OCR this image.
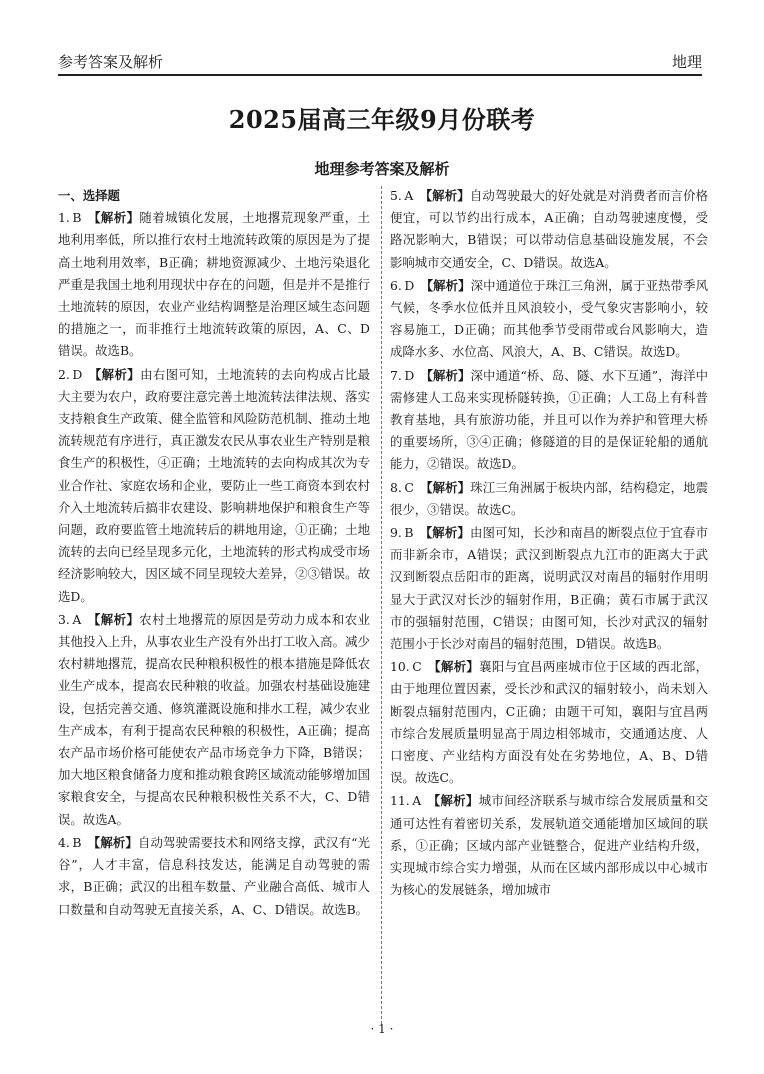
参考答案及解析	地理
2025届高三年级9月份联考
地理参考答案及解析

一、选择题

1.  B  【解析】随着城镇化发展，土地撂荒现象严重，土地利用率低，所以推行农村土地流转政策的原因是为了提高土地利用效率，B正确；耕地资源减少、土地污染退化严重是我国土地利用现状中存在的问题，但是并不是推行土地流转的原因，农业产业结构调整是治理区域生态问题的措施之一，而非推行土地流转政策的原因，A、C、D错误。故选B。

2.  D  【解析】由右图可知，土地流转的去向构成占比最大主要为农户，政府要注意完善土地流转法律法规、落实支持粮食生产政策、健全监管和风险防范机制、推动土地流转规范有序进行，真正激发农民从事农业生产特别是粮食生产的积极性，④正确；土地流转的去向构成其次为专业合作社、家庭农场和企业，要防止一些工商资本到农村介入土地流转后搞非农建设、影响耕地保护和粮食生产等问题，政府要监管土地流转后的耕地用途，①正确；土地流转的去向已经呈现多元化，土地流转的形式构成受市场经济影响较大，因区域不同呈现较大差异，②③错误。故选D。

3.  A  【解析】农村土地撂荒的原因是劳动力成本和农业其他投入上升，从事农业生产没有外出打工收入高。减少农村耕地撂荒，提高农民种粮积极性的根本措施是降低农业生产成本，提高农民种粮的收益。加强农村基础设施建设，包括完善交通、修筑灌溉设施和排水工程，减少农业生产成本，有利于提高农民种粮的积极性，A正确；提高农产品市场价格可能使农产品市场竞争力下降，B错误；加大地区粮食储备力度和推动粮食跨区域流动能够增加国家粮食安全，与提高农民种粮积极性关系不大，C、D错误。故选A。

4.  B  【解析】自动驾驶需要技术和网络支撑，武汉有“光谷”，人才丰富，信息科技发达，能满足自动驾驶的需求，B正确；武汉的出租车数量、产业融合高低、城市人口数量和自动驾驶无直接关系，A、C、D错误。故选B。

5.  A  【解析】自动驾驶最大的好处就是对消费者而言价格便宜，可以节约出行成本，A正确；自动驾驶速度慢，受路况影响大，B错误；可以带动信息基础设施发展，不会影响城市交通安全，C、D错误。故选A。

6.  D  【解析】深中通道位于珠江三角洲，属于亚热带季风气候，冬季水位低并且风浪较小，受气象灾害影响小，较容易施工，D正确；而其他季节受雨带或台风影响大，造成降水多、水位高、风浪大，A、B、C错误。故选D。

7.  D  【解析】深中通道“桥、岛、隧、水下互通”，海洋中需修建人工岛来实现桥隧转换，①正确；人工岛上有科普教育基地，具有旅游功能，并且可以作为养护和管理大桥的重要场所，③④正确；修隧道的目的是保证轮船的通航能力，②错误。故选D。

8.  C  【解析】珠江三角洲属于板块内部，结构稳定，地震很少，③错误。故选C。

9.  B  【解析】由图可知，长沙和南昌的断裂点位于宜春市而非新余市，A错误；武汉到断裂点九江市的距离大于武汉到断裂点岳阳市的距离，说明武汉对南昌的辐射作用明显大于武汉对长沙的辐射作用，B正确；黄石市属于武汉市的强辐射范围，C错误；由图可知，长沙对武汉的辐射范围小于长沙对南昌的辐射范围，D错误。故选B。

10.  C  【解析】襄阳与宜昌两座城市位于区域的西北部，由于地理位置因素，受长沙和武汉的辐射较小，尚未划入断裂点辐射范围内，C正确；由题干可知，襄阳与宜昌两市综合发展质量明显高于周边相邻城市，交通通达度、人口密度、产业结构方面没有处在劣势地位，A、B、D错误。故选C。

11.  A  【解析】城市间经济联系与城市综合发展质量和交通可达性有着密切关系，发展轨道交通能增加区域间的联系，①正确；区域内部产业链整合，促进产业结构升级，实现城市综合实力增强，从而在区域内部形成以中心城市为核心的发展链条，增加城市

· 1 ·
